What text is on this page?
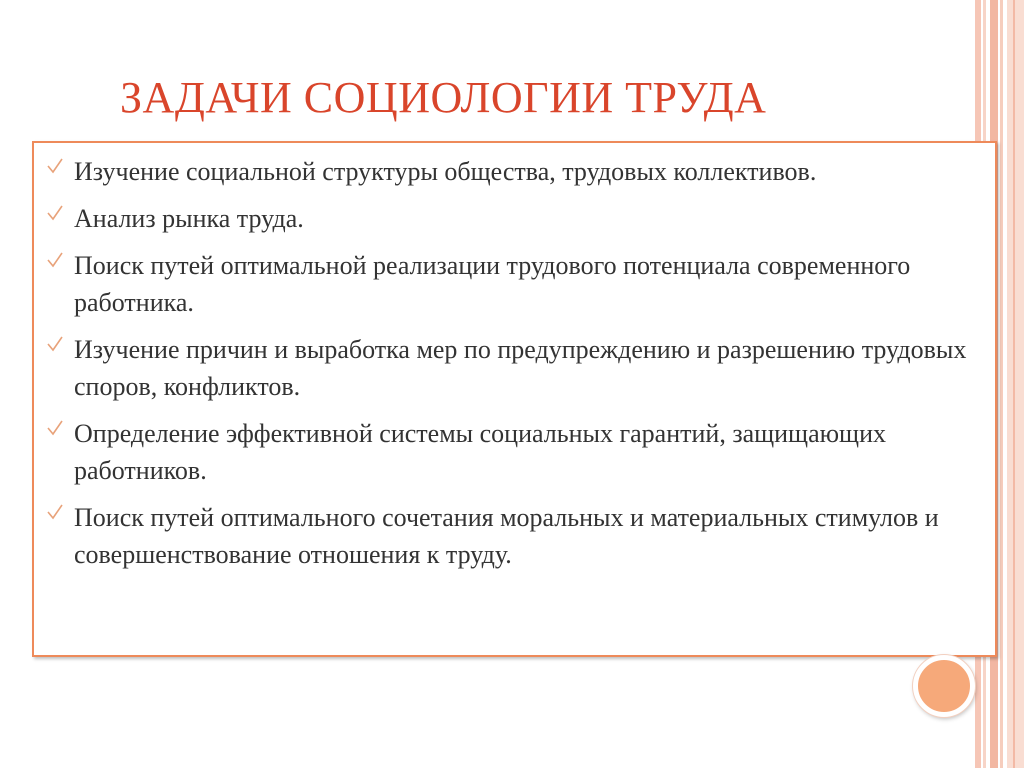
ЗАДАЧИ СОЦИОЛОГИИ ТРУДА
Изучение социальной структуры общества, трудовых коллективов.
Анализ рынка труда.
Поиск путей оптимальной реализации трудового потенциала современного работника.
Изучение причин и выработка мер по предупреждению и разрешению трудовых споров, конфликтов.
Определение эффективной системы социальных гарантий, защищающих работников.
Поиск путей оптимального сочетания моральных и материальных стимулов и совершенствование отношения к труду.
